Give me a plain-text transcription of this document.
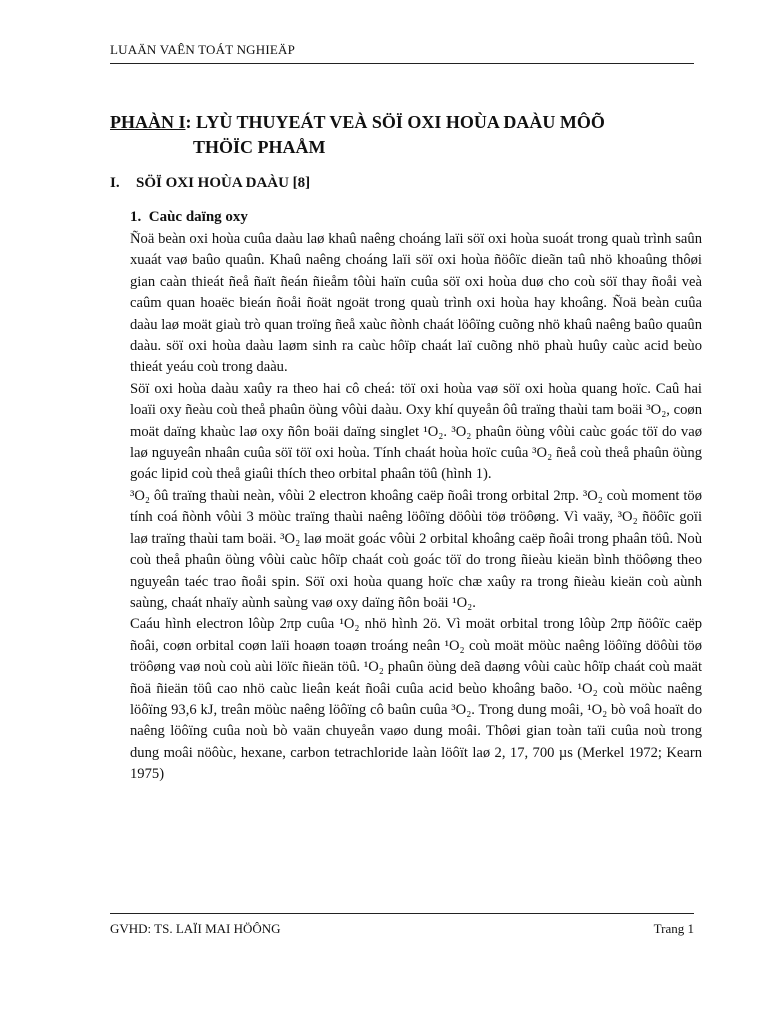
LUAÄN VAÊN TOÁT NGHIEÄP
PHAÀN I: LYÙ THUYEÁT VEÀ SÖÏ OXI HOÙA DAÀU MÔÕ
THÖÏC PHAÅM
I. SÖÏ OXI HOÙA DAÀU [8]
1. Caùc daïng oxy

Ñoä beàn oxi hoùa cuûa daàu laø khaû naêng choáng laïi söï oxi hoùa suoát trong quaù trình saûn xuaát vaø baûo quaûn. Khaû naêng choáng laïi söï oxi hoùa ñöôïc dieãn taû nhö khoaûng thôøi gian caàn thieát ñeå ñaït ñeán ñieåm tôùi haïn cuûa söï oxi hoùa duø cho coù söï thay ñoåi veà caûm quan hoaëc bieán ñoåi ñoät ngoät trong quaù trình oxi hoùa hay khoâng. Ñoä beàn cuûa daàu laø moät giaù trò quan troïng ñeå xaùc ñònh chaát löôïng cuõng nhö khaû naêng baûo quaûn daàu. söï oxi hoùa daàu laøm sinh ra caùc hôïp chaát laï cuõng nhö phaù huûy caùc acid beùo thieát yeáu coù trong daàu.

Söï oxi hoùa daàu xaûy ra theo hai cô cheá: töï oxi hoùa vaø söï oxi hoùa quang hoïc. Caû hai loaïi oxy ñeàu coù theå phaûn öùng vôùi daàu. Oxy khí quyeån ôû traïng thaùi tam boäi ³O₂, coøn moät daïng khaùc laø oxy ñôn boäi daïng singlet ¹O₂. ³O₂ phaûn öùng vôùi caùc goác töï do vaø laø nguyeân nhaân cuûa söï töï oxi hoùa. Tính chaát hoùa hoïc cuûa ³O₂ ñeå coù theå phaûn öùng goác lipid coù theå giaûi thích theo orbital phaân töû (hình 1).

³O₂ ôû traïng thaùi neàn, vôùi 2 electron khoâng caëp ñoâi trong orbital 2πp. ³O₂ coù moment töø tính coá ñònh vôùi 3 möùc traïng thaùi naêng löôïng döôùi töø tröôøng. Vì vaäy, ³O₂ ñöôïc goïi laø traïng thaùi tam boäi. ³O₂ laø moät goác vôùi 2 orbital khoâng caëp ñoâi trong phaân töû. Noù coù theå phaûn öùng vôùi caùc hôïp chaát coù goác töï do trong ñieàu kieän bình thöôøng theo nguyeân taéc trao ñoåi spin. Söï oxi hoùa quang hoïc chæ xaûy ra trong ñieàu kieän coù aùnh saùng, chaát nhaïy aùnh saùng vaø oxy daïng ñôn boäi ¹O₂.

Caáu hình electron lôùp 2πp cuûa ¹O₂ nhö hình 2ö. Vì moät orbital trong lôùp 2πp ñöôïc caëp ñoâi, coøn orbital coøn laïi hoaøn toaøn troáng neân ¹O₂ coù moät möùc naêng löôïng döôùi töø tröôøng vaø noù coù aùi löïc ñieän töû. ¹O₂ phaûn öùng deã daøng vôùi caùc hôïp chaát coù maät ñoä ñieän töû cao nhö caùc lieân keát ñoâi cuûa acid beùo khoâng baõo. ¹O₂ coù möùc naêng löôïng 93,6 kJ, treân möùc naêng löôïng cô baûn cuûa ³O₂. Trong dung moâi, ¹O₂ bò voâ hoaït do naêng löôïng cuûa noù bò vaän chuyeån vaøo dung moâi. Thôøi gian toàn taïi cuûa noù trong dung moâi nöôùc, hexane, carbon tetrachloride laàn löôït laø 2, 17, 700 µs (Merkel 1972; Kearn 1975)

GVHD: TS. LAÏI MAI HÖÔNG	Trang 1
